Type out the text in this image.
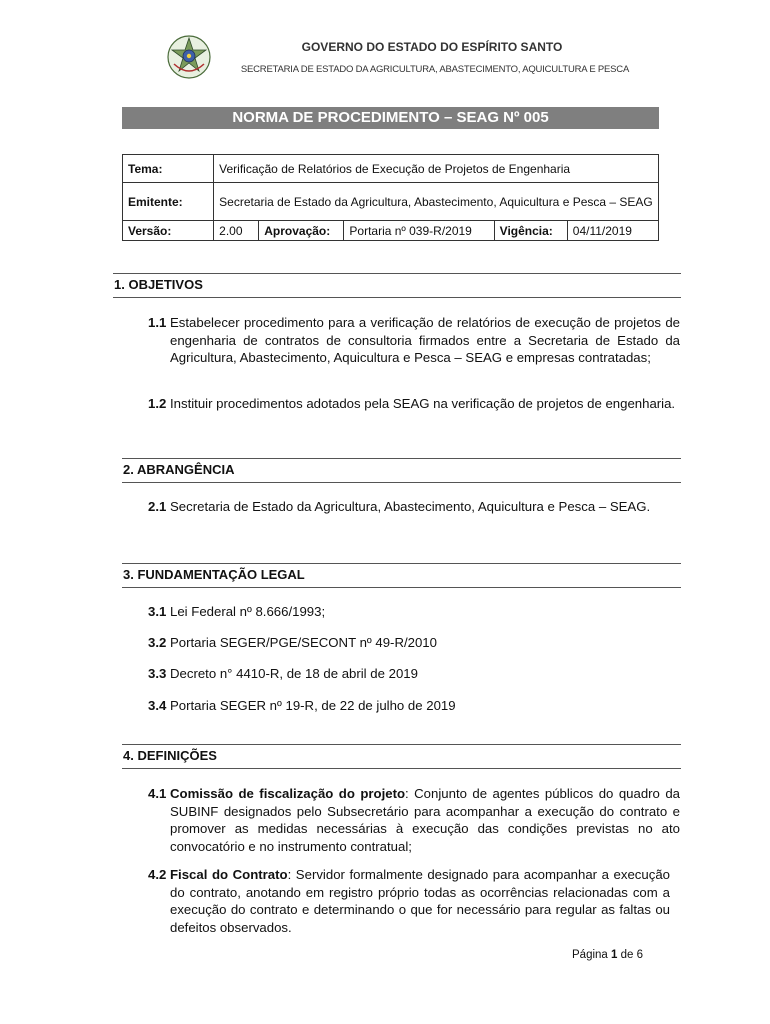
GOVERNO DO ESTADO DO ESPÍRITO SANTO
SECRETARIA DE ESTADO DA AGRICULTURA, ABASTECIMENTO, AQUICULTURA E PESCA
NORMA DE PROCEDIMENTO – SEAG Nº 005
Tema:	Verificação de Relatórios de Execução de Projetos de Engenharia				
Emitente:	Secretaria de Estado da Agricultura, Abastecimento, Aquicultura e Pesca – SEAG				
Versão:	2.00	Aprovação:	Portaria nº 039-R/2019	Vigência:	04/11/2019
1. OBJETIVOS
1.1 Estabelecer procedimento para a verificação de relatórios de execução de projetos de engenharia de contratos de consultoria firmados entre a Secretaria de Estado da Agricultura, Abastecimento, Aquicultura e Pesca – SEAG e empresas contratadas;
1.2 Instituir procedimentos adotados pela SEAG na verificação de projetos de engenharia.
2. ABRANGÊNCIA
2.1 Secretaria de Estado da Agricultura, Abastecimento, Aquicultura e Pesca – SEAG.
3. FUNDAMENTAÇÃO LEGAL
3.1 Lei Federal nº 8.666/1993;
3.2 Portaria SEGER/PGE/SECONT nº 49-R/2010
3.3 Decreto n° 4410-R, de 18 de abril de 2019
3.4 Portaria SEGER nº 19-R, de 22 de julho de 2019
4. DEFINIÇÕES
4.1 Comissão de fiscalização do projeto: Conjunto de agentes públicos do quadro da SUBINF designados pelo Subsecretário para acompanhar a execução do contrato e promover as medidas necessárias à execução das condições previstas no ato convocatório e no instrumento contratual;
4.2 Fiscal do Contrato: Servidor formalmente designado para acompanhar a execução do contrato, anotando em registro próprio todas as ocorrências relacionadas com a execução do contrato e determinando o que for necessário para regular as faltas ou defeitos observados.
Página 1 de 6
